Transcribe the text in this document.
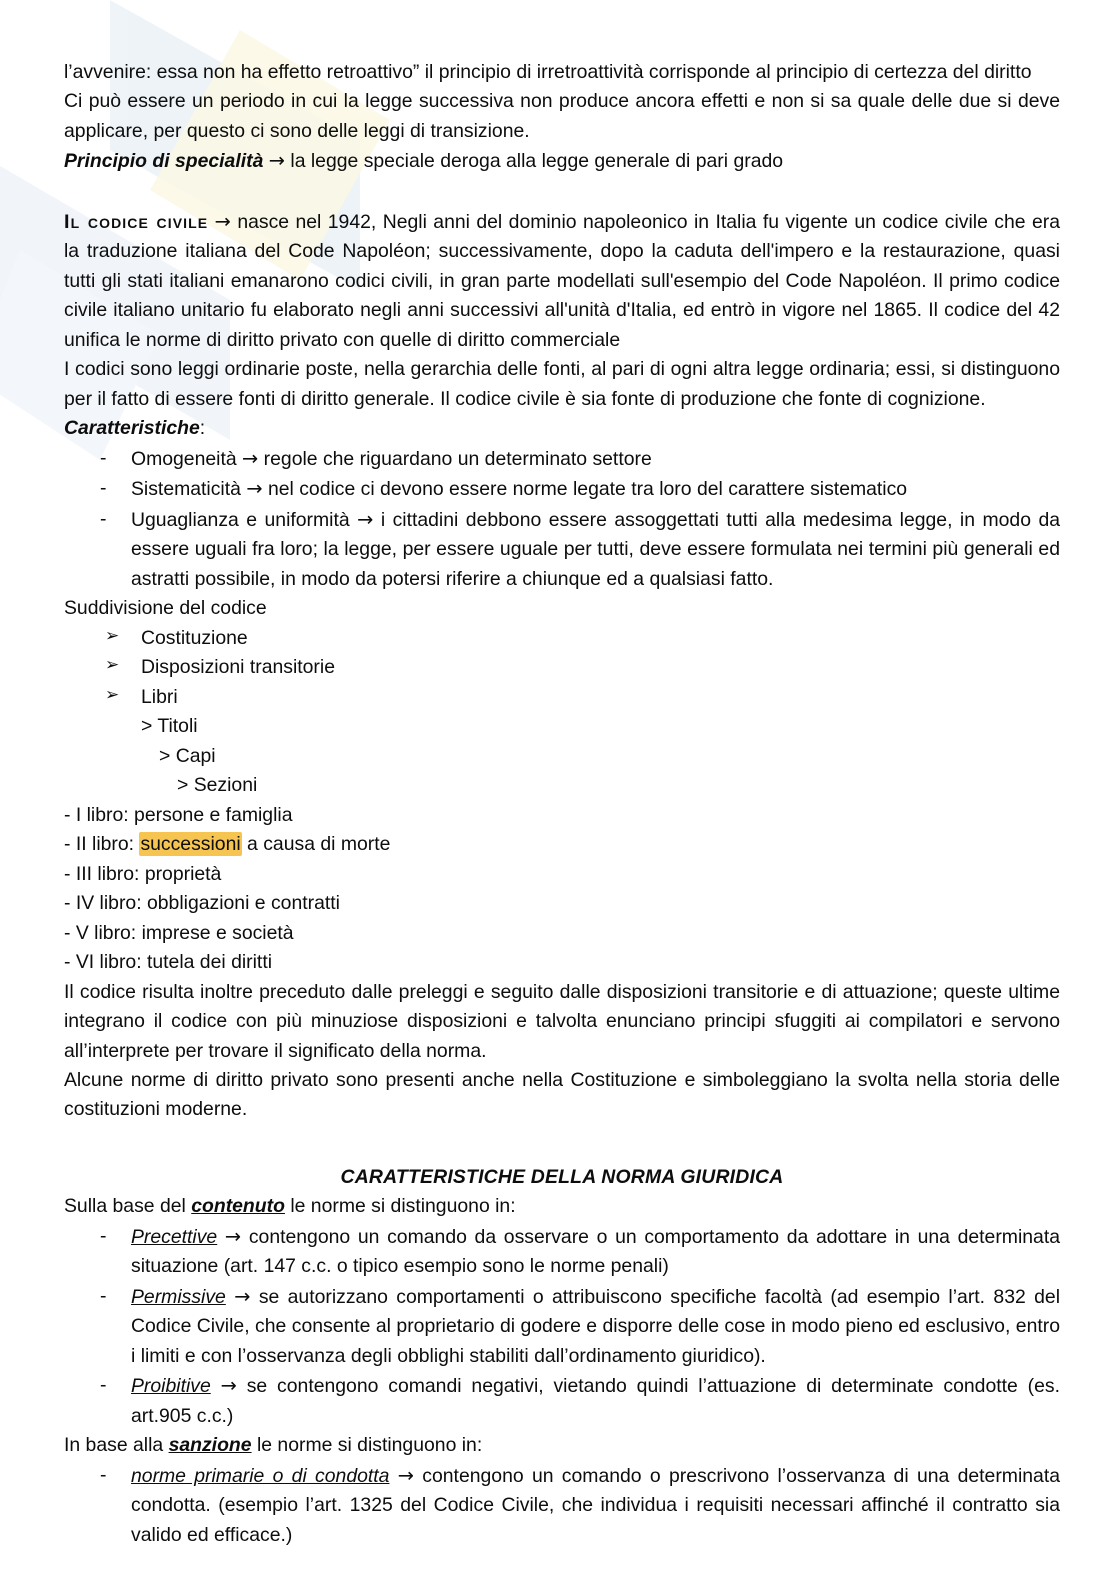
​

l’avvenire: essa non ha effetto retroattivo” il principio di irretroattività corrisponde al principio di certezza del diritto

Ci può essere un periodo in cui la legge successiva non produce ancora effetti e non si sa quale delle due si deve applicare, per questo ci sono delle leggi di transizione.

Principio di specialità → la legge speciale deroga alla legge generale di pari grado

Il codice civile → nasce nel 1942, Negli anni del dominio napoleonico in Italia fu vigente un codice civile che era la traduzione italiana del Code Napoléon; successivamente, dopo la caduta dell'impero e la restaurazione, quasi tutti gli stati italiani emanarono codici civili, in gran parte modellati sull'esempio del Code Napoléon. Il primo codice civile italiano unitario fu elaborato negli anni successivi all'unità d'Italia, ed entrò in vigore nel 1865. Il codice del 42 unifica le norme di diritto privato con quelle di diritto commerciale

I codici sono leggi ordinarie poste, nella gerarchia delle fonti, al pari di ogni altra legge ordinaria; essi, si distinguono per il fatto di essere fonti di diritto generale. Il codice civile è sia fonte di produzione che fonte di cognizione.

Caratteristiche:

- Omogeneità → regole che riguardano un determinato settore
- Sistematicità → nel codice ci devono essere norme legate tra loro del carattere sistematico
- Uguaglianza e uniformità → i cittadini debbono essere assoggettati tutti alla medesima legge, in modo da essere uguali fra loro; la legge, per essere uguale per tutti, deve essere formulata nei termini più generali ed astratti possibile, in modo da potersi riferire a chiunque ed a qualsiasi fatto.

Suddivisione del codice

➢ Costituzione
➢ Disposizioni transitorie
➢ Libri

> Titoli

> Capi

> Sezioni

- I libro: persone e famiglia

- II libro: successioni a causa di morte

- III libro: proprietà

- IV libro: obbligazioni e contratti

- V libro: imprese e società

- VI libro: tutela dei diritti

Il codice risulta inoltre preceduto dalle preleggi e seguito dalle disposizioni transitorie e di attuazione; queste ultime integrano il codice con più minuziose disposizioni e talvolta enunciano principi sfuggiti ai compilatori e servono all’interprete per trovare il significato della norma.

Alcune norme di diritto privato sono presenti anche nella Costituzione e simboleggiano la svolta nella storia delle costituzioni moderne.

CARATTERISTICHE DELLA NORMA GIURIDICA

Sulla base del contenuto le norme si distinguono in:

- Precettive → contengono un comando da osservare o un comportamento da adottare in una determinata situazione (art. 147 c.c. o tipico esempio sono le norme penali)
- Permissive → se autorizzano comportamenti o attribuiscono specifiche facoltà (ad esempio l’art. 832 del Codice Civile, che consente al proprietario di godere e disporre delle cose in modo pieno ed esclusivo, entro i limiti e con l’osservanza degli obblighi stabiliti dall’ordinamento giuridico).
- Proibitive → se contengono comandi negativi, vietando quindi l’attuazione di determinate condotte (es. art.905 c.c.)

In base alla sanzione le norme si distinguono in:

- norme primarie o di condotta → contengono un comando o prescrivono l’osservanza di una determinata condotta. (esempio l’art. 1325 del Codice Civile, che individua i requisiti necessari affinché il contratto sia valido ed efficace.)
